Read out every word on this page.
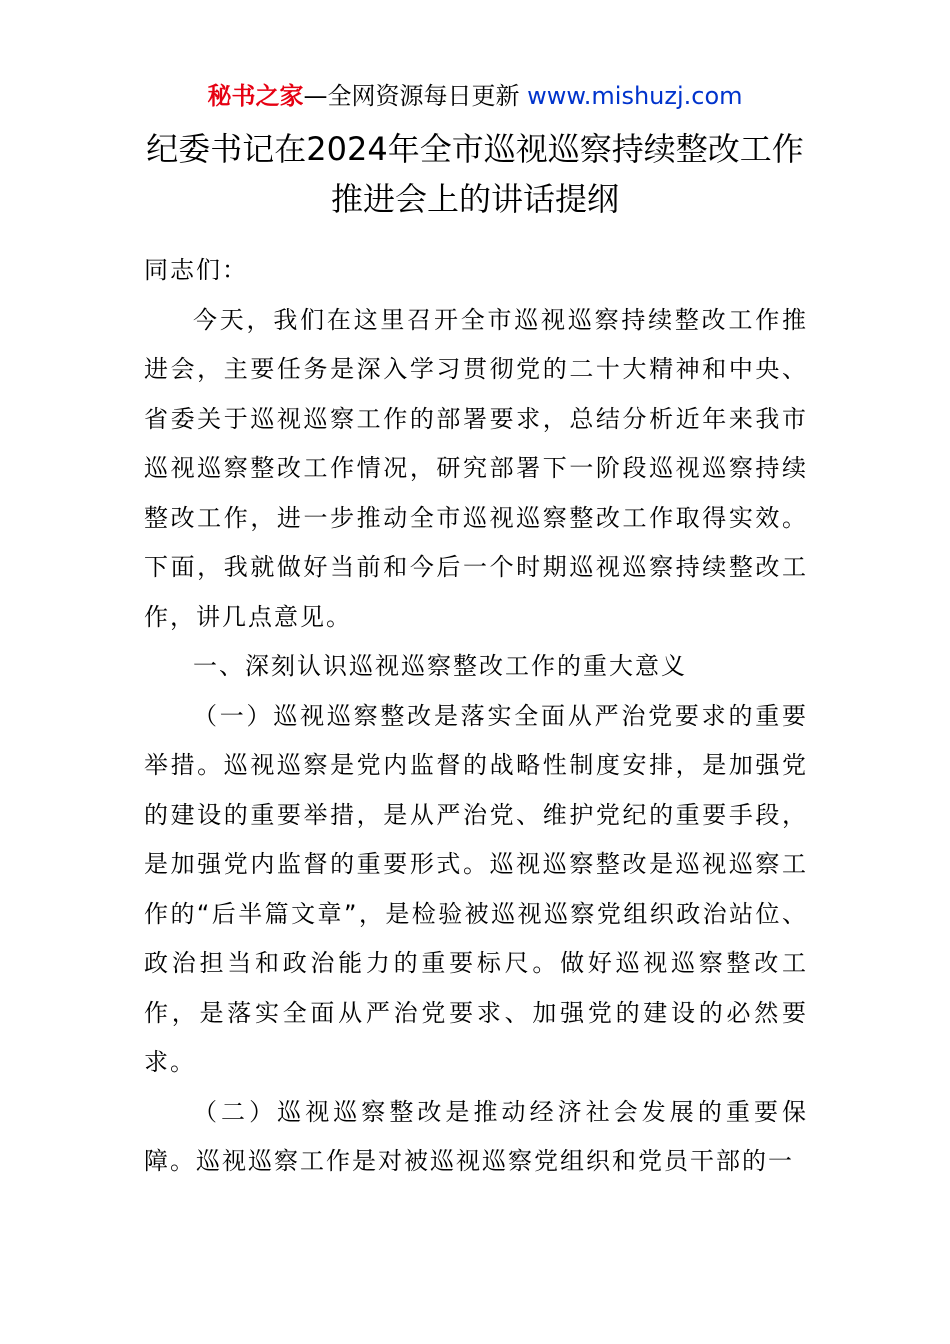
秘书之家—全网资源每日更新 www.mishuzj.com
纪委书记在2024年全市巡视巡察持续整改工作
推进会上的讲话提纲

同志们：

今天，我们在这里召开全市巡视巡察持续整改工作推进会，主要任务是深入学习贯彻党的二十大精神和中央、省委关于巡视巡察工作的部署要求，总结分析近年来我市巡视巡察整改工作情况，研究部署下一阶段巡视巡察持续整改工作，进一步推动全市巡视巡察整改工作取得实效。下面，我就做好当前和今后一个时期巡视巡察持续整改工作，讲几点意见。

一、深刻认识巡视巡察整改工作的重大意义

（一）巡视巡察整改是落实全面从严治党要求的重要举措。巡视巡察是党内监督的战略性制度安排，是加强党的建设的重要举措，是从严治党、维护党纪的重要手段，是加强党内监督的重要形式。巡视巡察整改是巡视巡察工作的“后半篇文章”，是检验被巡视巡察党组织政治站位、政治担当和政治能力的重要标尺。做好巡视巡察整改工作，是落实全面从严治党要求、加强党的建设的必然要求。

（二）巡视巡察整改是推动经济社会发展的重要保障。巡视巡察工作是对被巡视巡察党组织和党员干部的一
